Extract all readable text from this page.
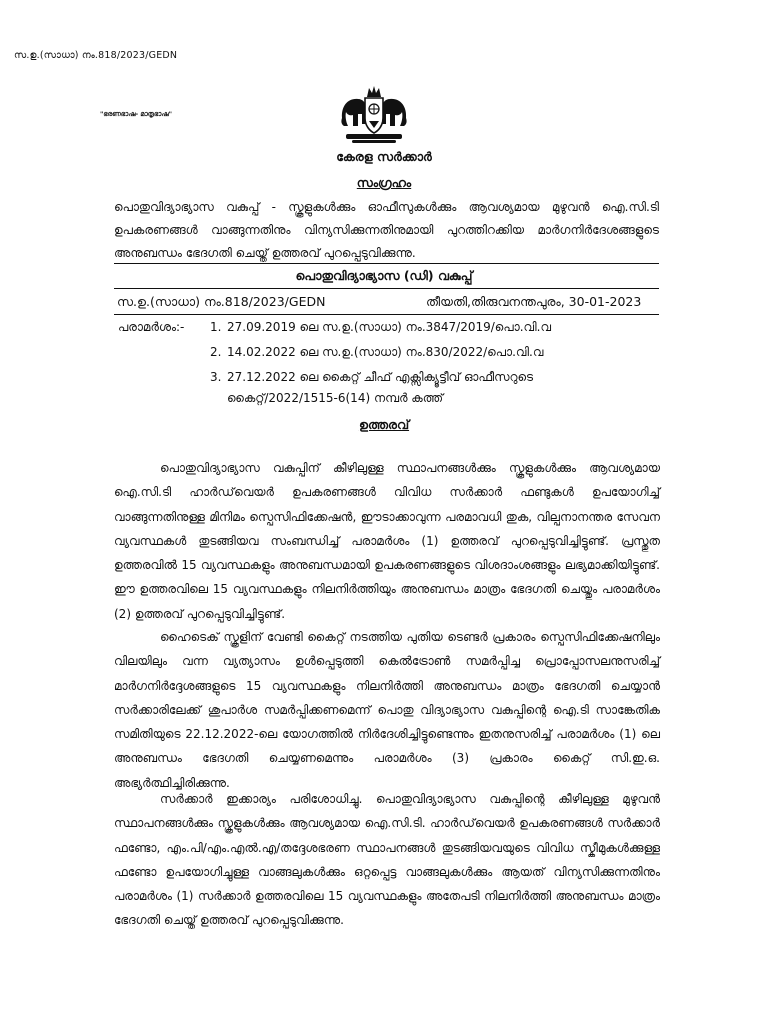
സ.ഉ.(സാധാ) നം.818/2023/GEDN
"ഭരണഭാഷ- മാതൃഭാഷ"
കേരള സർക്കാർ
സംഗ്രഹം
പൊതുവിദ്യാഭ്യാസ വകുപ്പ് - സ്കൂളുകൾക്കും ഓഫീസുകൾക്കും ആവശ്യമായ മുഴുവൻ ഐ.സി.ടി ഉപകരണങ്ങൾ വാങ്ങുന്നതിനും വിന്യസിക്കുന്നതിനുമായി പുറത്തിറക്കിയ മാർഗനിർദേശങ്ങളുടെ അനുബന്ധം ഭേദഗതി ചെയ്ത് ഉത്തരവ് പുറപ്പെടുവിക്കുന്നു.
പൊതുവിദ്യാഭ്യാസ (ഡി) വകുപ്പ്
സ.ഉ.(സാധാ) നം.818/2023/GEDN	തീയതി,തിരുവനന്തപുരം, 30-01-2023
പരാമർശം:- 1. 27.09.2019 ലെ സ.ഉ.(സാധാ) നം.3847/2019/പൊ.വി.വ
2. 14.02.2022 ലെ സ.ഉ.(സാധാ) നം.830/2022/പൊ.വി.വ
3. 27.12.2022 ലെ കൈറ്റ് ചീഫ് എക്സിക്യൂട്ടീവ് ഓഫീസറുടെ
കൈറ്റ്/2022/1515-6(14) നമ്പർ കത്ത്
ഉത്തരവ്

പൊതുവിദ്യാഭ്യാസ വകുപ്പിന് കീഴിലുള്ള സ്ഥാപനങ്ങൾക്കും സ്കൂളുകൾക്കും ആവശ്യമായ ഐ.സി.ടി ഹാർഡ്‌വെയർ ഉപകരണങ്ങൾ വിവിധ സർക്കാർ ഫണ്ടുകൾ ഉപയോഗിച്ച് വാങ്ങുന്നതിനുള്ള മിനിമം സ്പെസിഫിക്കേഷൻ, ഈടാക്കാവുന്ന പരമാവധി തുക, വില്പനാനന്തര സേവന വ്യവസ്ഥകൾ തുടങ്ങിയവ സംബന്ധിച്ച് പരാമർശം (1) ഉത്തരവ് പുറപ്പെടുവിച്ചിട്ടുണ്ട്. പ്രസ്തുത ഉത്തരവിൽ 15 വ്യവസ്ഥകളും അനുബന്ധമായി ഉപകരണങ്ങളുടെ വിശദാംശങ്ങളും ലഭ്യമാക്കിയിട്ടുണ്ട്. ഈ ഉത്തരവിലെ 15 വ്യവസ്ഥകളും നിലനിർത്തിയും അനുബന്ധം മാത്രം ഭേദഗതി ചെയ്തും പരാമർശം (2) ഉത്തരവ് പുറപ്പെടുവിച്ചിട്ടുണ്ട്.

ഹൈടെക് സ്കൂളിന് വേണ്ടി കൈറ്റ് നടത്തിയ പുതിയ ടെണ്ടർ പ്രകാരം സ്പെസിഫിക്കേഷനിലും വിലയിലും വന്ന വ്യത്യാസം ഉൾപ്പെടുത്തി കെൽട്രോൺ സമർപ്പിച്ച പ്രൊപ്പോസലനുസരിച്ച് മാർഗനിർദ്ദേശങ്ങളുടെ 15 വ്യവസ്ഥകളും നിലനിർത്തി അനുബന്ധം മാത്രം ഭേദഗതി ചെയ്യാൻ സർക്കാരിലേക്ക് ശുപാർശ സമർപ്പിക്കണമെന്ന് പൊതു വിദ്യാഭ്യാസ വകുപ്പിന്റെ ഐ.ടി സാങ്കേതിക സമിതിയുടെ 22.12.2022-ലെ യോഗത്തിൽ നിർദേശിച്ചിട്ടുണ്ടെന്നും ഇതനുസരിച്ച് പരാമർശം (1) ലെ അനുബന്ധം ഭേദഗതി ചെയ്യണമെന്നും പരാമർശം (3) പ്രകാരം കൈറ്റ് സി.ഇ.ഒ. അഭ്യർത്ഥിച്ചിരിക്കുന്നു.

സർക്കാർ ഇക്കാര്യം പരിശോധിച്ചു. പൊതുവിദ്യാഭ്യാസ വകുപ്പിന്റെ കീഴിലുള്ള മുഴുവൻ സ്ഥാപനങ്ങൾക്കും സ്കൂളുകൾക്കും ആവശ്യമായ ഐ.സി.ടി. ഹാർഡ്‌വെയർ ഉപകരണങ്ങൾ സർക്കാർ ഫണ്ടോ, എം.പി/എം.എൽ.എ/തദ്ദേശഭരണ സ്ഥാപനങ്ങൾ തുടങ്ങിയവയുടെ വിവിധ സ്കീമുകൾക്കുള്ള ഫണ്ടോ ഉപയോഗിച്ചുള്ള വാങ്ങലുകൾക്കും ഒറ്റപ്പെട്ട വാങ്ങലുകൾക്കും ആയത് വിന്യസിക്കുന്നതിനും പരാമർശം (1) സർക്കാർ ഉത്തരവിലെ 15 വ്യവസ്ഥകളും അതേപടി നിലനിർത്തി അനുബന്ധം മാത്രം ഭേദഗതി ചെയ്ത് ഉത്തരവ് പുറപ്പെടുവിക്കുന്നു.
